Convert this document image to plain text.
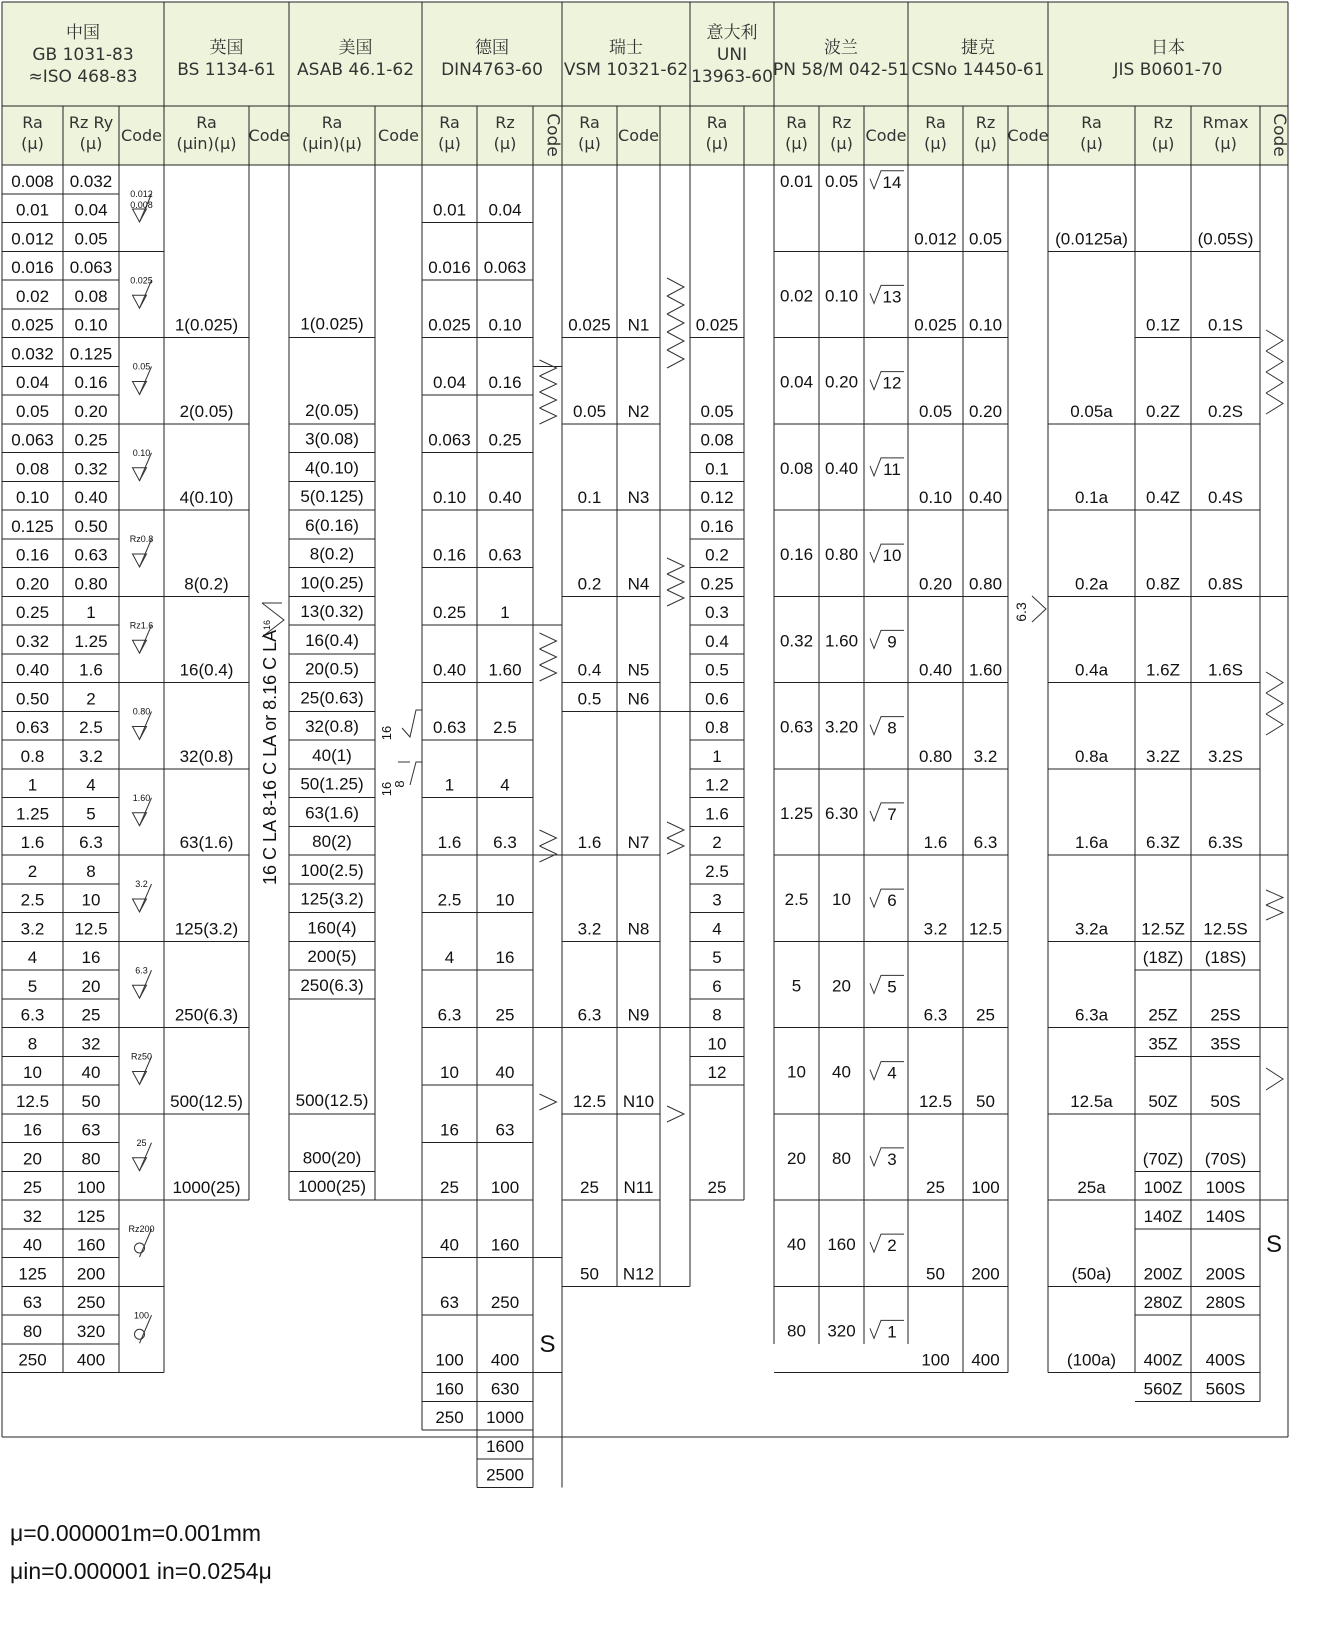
中国
GB 1031-83
≈ISO 468-83
英国
BS 1134-61
美国
ASAB 46.1-62
德国
DIN4763-60
瑞士
VSM 10321-62
意大利
UNI
13963-60
波兰
PN 58/M 042-51
捷克
CSNo 14450-61
日本
JIS B0601-70
Ra
(μ)
Rz Ry
(μ) Code
Ra
(μin)(μ) Code
Ra
(μin)(μ) Code
Ra
(μ)
Rz
(μ) Code Ra
(μ) Code
Ra
(μ)
Ra
(μ)
Rz
(μ) Code
Ra
(μ)
Rz
(μ) Code
Ra
(μ)
Rz
(μ)
Rmax
(μ) Code
0.008
0.01
0.012
0.016
0.02
0.025
0.032
0.04
0.05
0.063
0.08
0.10
0.125
0.16
0.20
0.25
0.32
0.40
0.50
0.63
0.8
1
1.25
1.6
2
2.5
3.2
4
5
6.3
8
10
12.5
16
20
25
32
40
125
63
80
250
0.032
0.04
0.05
0.063
0.08
0.10
0.125
0.16
0.20
0.25
0.32
0.40
0.50
0.63
0.80
1
1.25
1.6
2
2.5
3.2
4
5
6.3
8
10
12.5
16
20
25
32
40
50
63
80
100
125
160
200
250
320
400
0.012
0.008
0.025
0.05
0.10
Rz0.8
Rz1.6
0.80
1.60
3.2
6.3
Rz50
25
Rz200
100
1(0.025)
2(0.05)
4(0.10)
8(0.2)
16(0.4)
32(0.8)
63(1.6)
125(3.2)
250(6.3)
500(12.5)
1000(25)
16 C LA 8-16 C LA or 8.16 C LA
16
1(0.025)
2(0.05)
3(0.08)
4(0.10)
5(0.125)
6(0.16)
8(0.2)
10(0.25)
13(0.32)
16(0.4)
20(0.5)
25(0.63)
32(0.8)
40(1)
50(1.25)
63(1.6)
80(2)
100(2.5)
125(3.2)
160(4)
200(5)
250(6.3)
500(12.5)
800(20)
1000(25)
16
16
8
0.01
0.016
0.025
0.04
0.063
0.10
0.16
0.25
0.40
0.63
1
1.6
2.5
4
6.3
10
16
25
40
63
100
160
250
0.04
0.063
0.10
0.16
0.25
0.40
0.63
1
1.60
2.5
4
6.3
10
16
25
40
63
100
160
250
400
630
1000
1600
2500
S
0.025 N1
0.05 N2
0.1 N3
0.2 N4
0.4 N5
0.5 N6
1.6 N7
3.2 N8
6.3 N9
12.5 N10
25 N11
50 N12
0.025
0.05
0.08
0.1
0.12
0.16
0.2
0.25
0.3
0.4
0.5
0.6
0.8
1
1.2
1.6
2
2.5
3
4
5
6
8
10
12
25
0.01 0.05 14
0.02 0.10 13
0.04 0.20 12
0.08 0.40 11
0.16 0.80 10
0.32 1.60 9
0.63 3.20 8
1.25 6.30 7
2.5 10 6
5 20 5
10 40 4
20 80 3
40 160 2
80 320 1
0.012 0.05
0.025 0.10
0.05 0.20
0.10 0.40
0.20 0.80
0.40 1.60
0.80 3.2
1.6 6.3
3.2 12.5
6.3 25
12.5 50
25 100
50 200
100 400
6.3
(0.0125a)
0.05a
0.1a
0.2a
0.4a
0.8a
1.6a
3.2a
6.3a
12.5a
25a
(50a)
(100a)
0.1Z
0.2Z
0.4Z
0.8Z
1.6Z
3.2Z
6.3Z
12.5Z
(18Z)
25Z
35Z
50Z
(70Z)
100Z
140Z
200Z
280Z
400Z
560Z
(0.05S)
0.1S
0.2S
0.4S
0.8S
1.6S
3.2S
6.3S
12.5S
(18S)
25S
35S
50S
(70S)
100S
140S
200S
280S
400S
560S
S
μ=0.000001m=0.001mm
μin=0.000001 in=0.0254μ
